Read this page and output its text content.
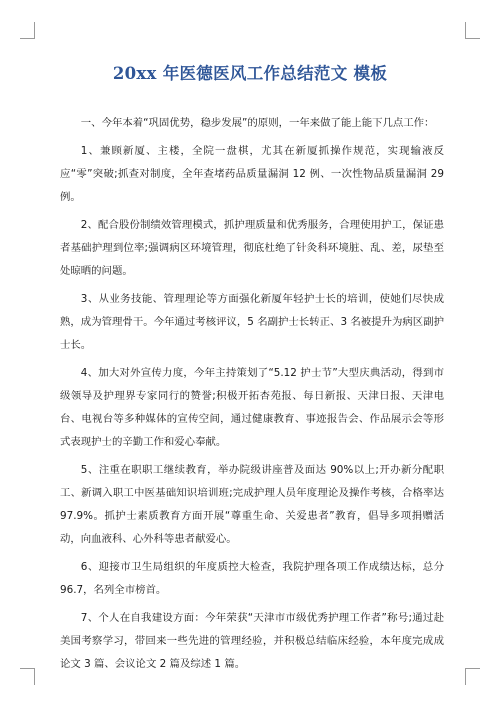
20xx 年医德医风工作总结范文 模板

一、今年本着“巩固优势，稳步发展”的原则，一年来做了能上能下几点工作：

1、兼顾新厦、主楼，全院一盘棋，尤其在新厦抓操作规范，实现输液反应“零”突破;抓查对制度，全年查堵药品质量漏洞 12 例、一次性物品质量漏洞 29 例。

2、配合股份制绩效管理模式，抓护理质量和优秀服务，合理使用护工，保证患者基础护理到位率;强调病区环境管理，彻底杜绝了针灸科环境脏、乱、差，尿垫至处晾晒的问题。

3、从业务技能、管理理论等方面强化新厦年轻护士长的培训，使她们尽快成熟，成为管理骨干。今年通过考核评议，5 名副护士长转正、3 名被提升为病区副护士长。

4、加大对外宣传力度，今年主持策划了“5.12 护士节”大型庆典活动，得到市级领导及护理界专家同行的赞誉;积极开拓杏苑报、每日新报、天津日报、天津电台、电视台等多种媒体的宣传空间，通过健康教育、事迹报告会、作品展示会等形式表现护士的辛勤工作和爱心奉献。

5、注重在职职工继续教育，举办院级讲座普及面达 90%以上;开办新分配职工、新调入职工中医基础知识培训班;完成护理人员年度理论及操作考核，合格率达 97.9%。抓护士素质教育方面开展“尊重生命、关爱患者”教育，倡导多项捐赠活动，向血液科、心外科等患者献爱心。

6、迎接市卫生局组织的年度质控大检查，我院护理各项工作成绩达标，总分 96.7，名列全市榜首。

7、个人在自我建设方面：今年荣获“天津市市级优秀护理工作者”称号;通过赴美国考察学习，带回来一些先进的管理经验，并积极总结临床经验，本年度完成成论文 3 篇、会议论文 2 篇及综述 1 篇。
